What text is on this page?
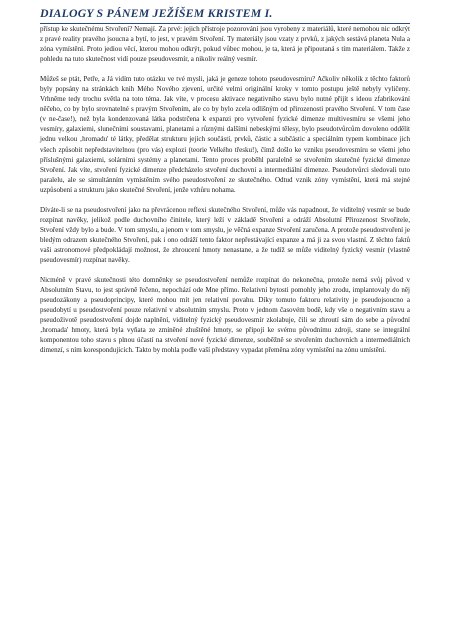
DIALOGY S PÁNEM JEŽÍŠEM KRISTEM I.

přístup ke skutečnému Stvoření? Nemají. Za prvé: jejich přístroje pozorování jsou vyrobeny z materiálů, které nemohou nic odkrýt z pravé reality pravého jsoucna a bytí, to jest, v pravém Stvoření. Ty materiály jsou vzaty z prvků, z jakých sestává planeta Nula a zóna vymístění. Proto jediou věcí, kterou mohou odkrýt, pokud vůbec mohou, je ta, která je připoutaná s tím materiálem. Takže z pohledu na tuto skutečnost vidí pouze pseudovesmír, a nikoliv reálný vesmír.

Můžeš se ptát, Petře, a Já vidím tuto otázku ve tvé mysli, jaká je geneze tohoto pseudovesmíru? Ačkoliv několik z těchto faktorů byly popsány na stránkách knih Mého Nového zjevení, určité velmi originální kroky v tomto postupu ještě nebyly vyličeny. Vrhněme tedy trochu světla na toto téma. Jak víte, v procesu aktivace negativního stavu bylo nutné přijít s ideou zfabrikování něčeho, co by bylo srovnatelné s pravým Stvořením, ale co by bylo zcela odlišným od přirozenosti pravého Stvoření. V tom čase (v ne-čase!), než byla kondenzovaná látka podstrčena k expanzi pro vytvoření fyzické dimenze multivesmíru se všemi jeho vesmíry, galaxiemi, slunečními soustavami, planetami a různými dalšími nebeskými tělesy, bylo pseudotvůrcům dovoleno oddělit jednu velkou ‚hromadu' té látky, předělat strukturu jejích součástí, prvků, částic a subčástic a speciálním typem kombinace jich všech způsobit nepředstavitelnou (pro vás) explozi (teorie Velkého třesku!), čímž došlo ke vzniku pseudovesmíru se všemi jeho příslušnými galaxiemi, solárními systémy a planetami. Tento proces proběhl paralelně se stvořením skutečné fyzické dimenze Stvoření. Jak víte, stvoření fyzické dimenze předcházelo stvoření duchovní a intermediální dimenze. Pseudotvůrci sledovali tuto paralelu, ale se simultánním vymístěním svého pseudostvoření ze skutečného. Odtud vznik zóny vymístění, která má stejné uzpůsobení a strukturu jako skutečné Stvoření, jenže vzhůru nohama.

Díváte-li se na pseudostvoření jako na převrácenou reflexi skutečného Stvoření, může vás napadnout, že viditelný vesmír se bude rozpínat navěky, jelikož podle duchovního činitele, který leží v základě Stvoření a odráží Absolutní Přirozenost Stvořitele, Stvoření vždy bylo a bude. V tom smyslu, a jenom v tom smyslu, je věčná expanze Stvoření zaručena. A protože pseudostvoření je bledým odrazem skutečného Stvoření, pak i ono odráží tento faktor nepřestávající expanze a má ji za svou vlastní. Z těchto faktů vaši astronomové předpokládají možnost, že zhroucení hmoty nenastane, a že tudíž se může viditelný fyzický vesmír (vlastně pseudovesmír) rozpínat navěky.

Nicméně v pravé skutečnosti této domněnky se pseudostvoření nemůže rozpínat do nekonečna, protože nemá svůj původ v Absolutním Stavu, to jest správně řečeno, nepochází ode Mne přímo. Relativní bytosti pomohly jeho zrodu, implantovaly do něj pseudozákony a pseudoprincipy, které mohou mít jen relativní povahu. Díky tomuto faktoru relativity je pseudojsoucno a pseudobytí u pseudostvoření pouze relativní v absolutním smyslu. Proto v jednom časovém bodě, kdy vše o negativním stavu a pseudoživotě pseudostvoření dojde naplnění, viditelný fyzický pseudovesmír zkolabuje, čili se zhroutí sám do sebe a původní ‚hromada' hmoty, která byla vyňata ze zmíněné zhuštěné hmoty, se připojí ke svému původnímu zdroji, stane se integrální komponentou toho stavu s plnou účastí na stvoření nové fyzické dimenze, souběžně se stvořením duchovních a intermediálních dimenzí, s ním korespondujících. Takto by mohla podle vaší představy vypadat přeměna zóny vymístění na zónu umístění.
